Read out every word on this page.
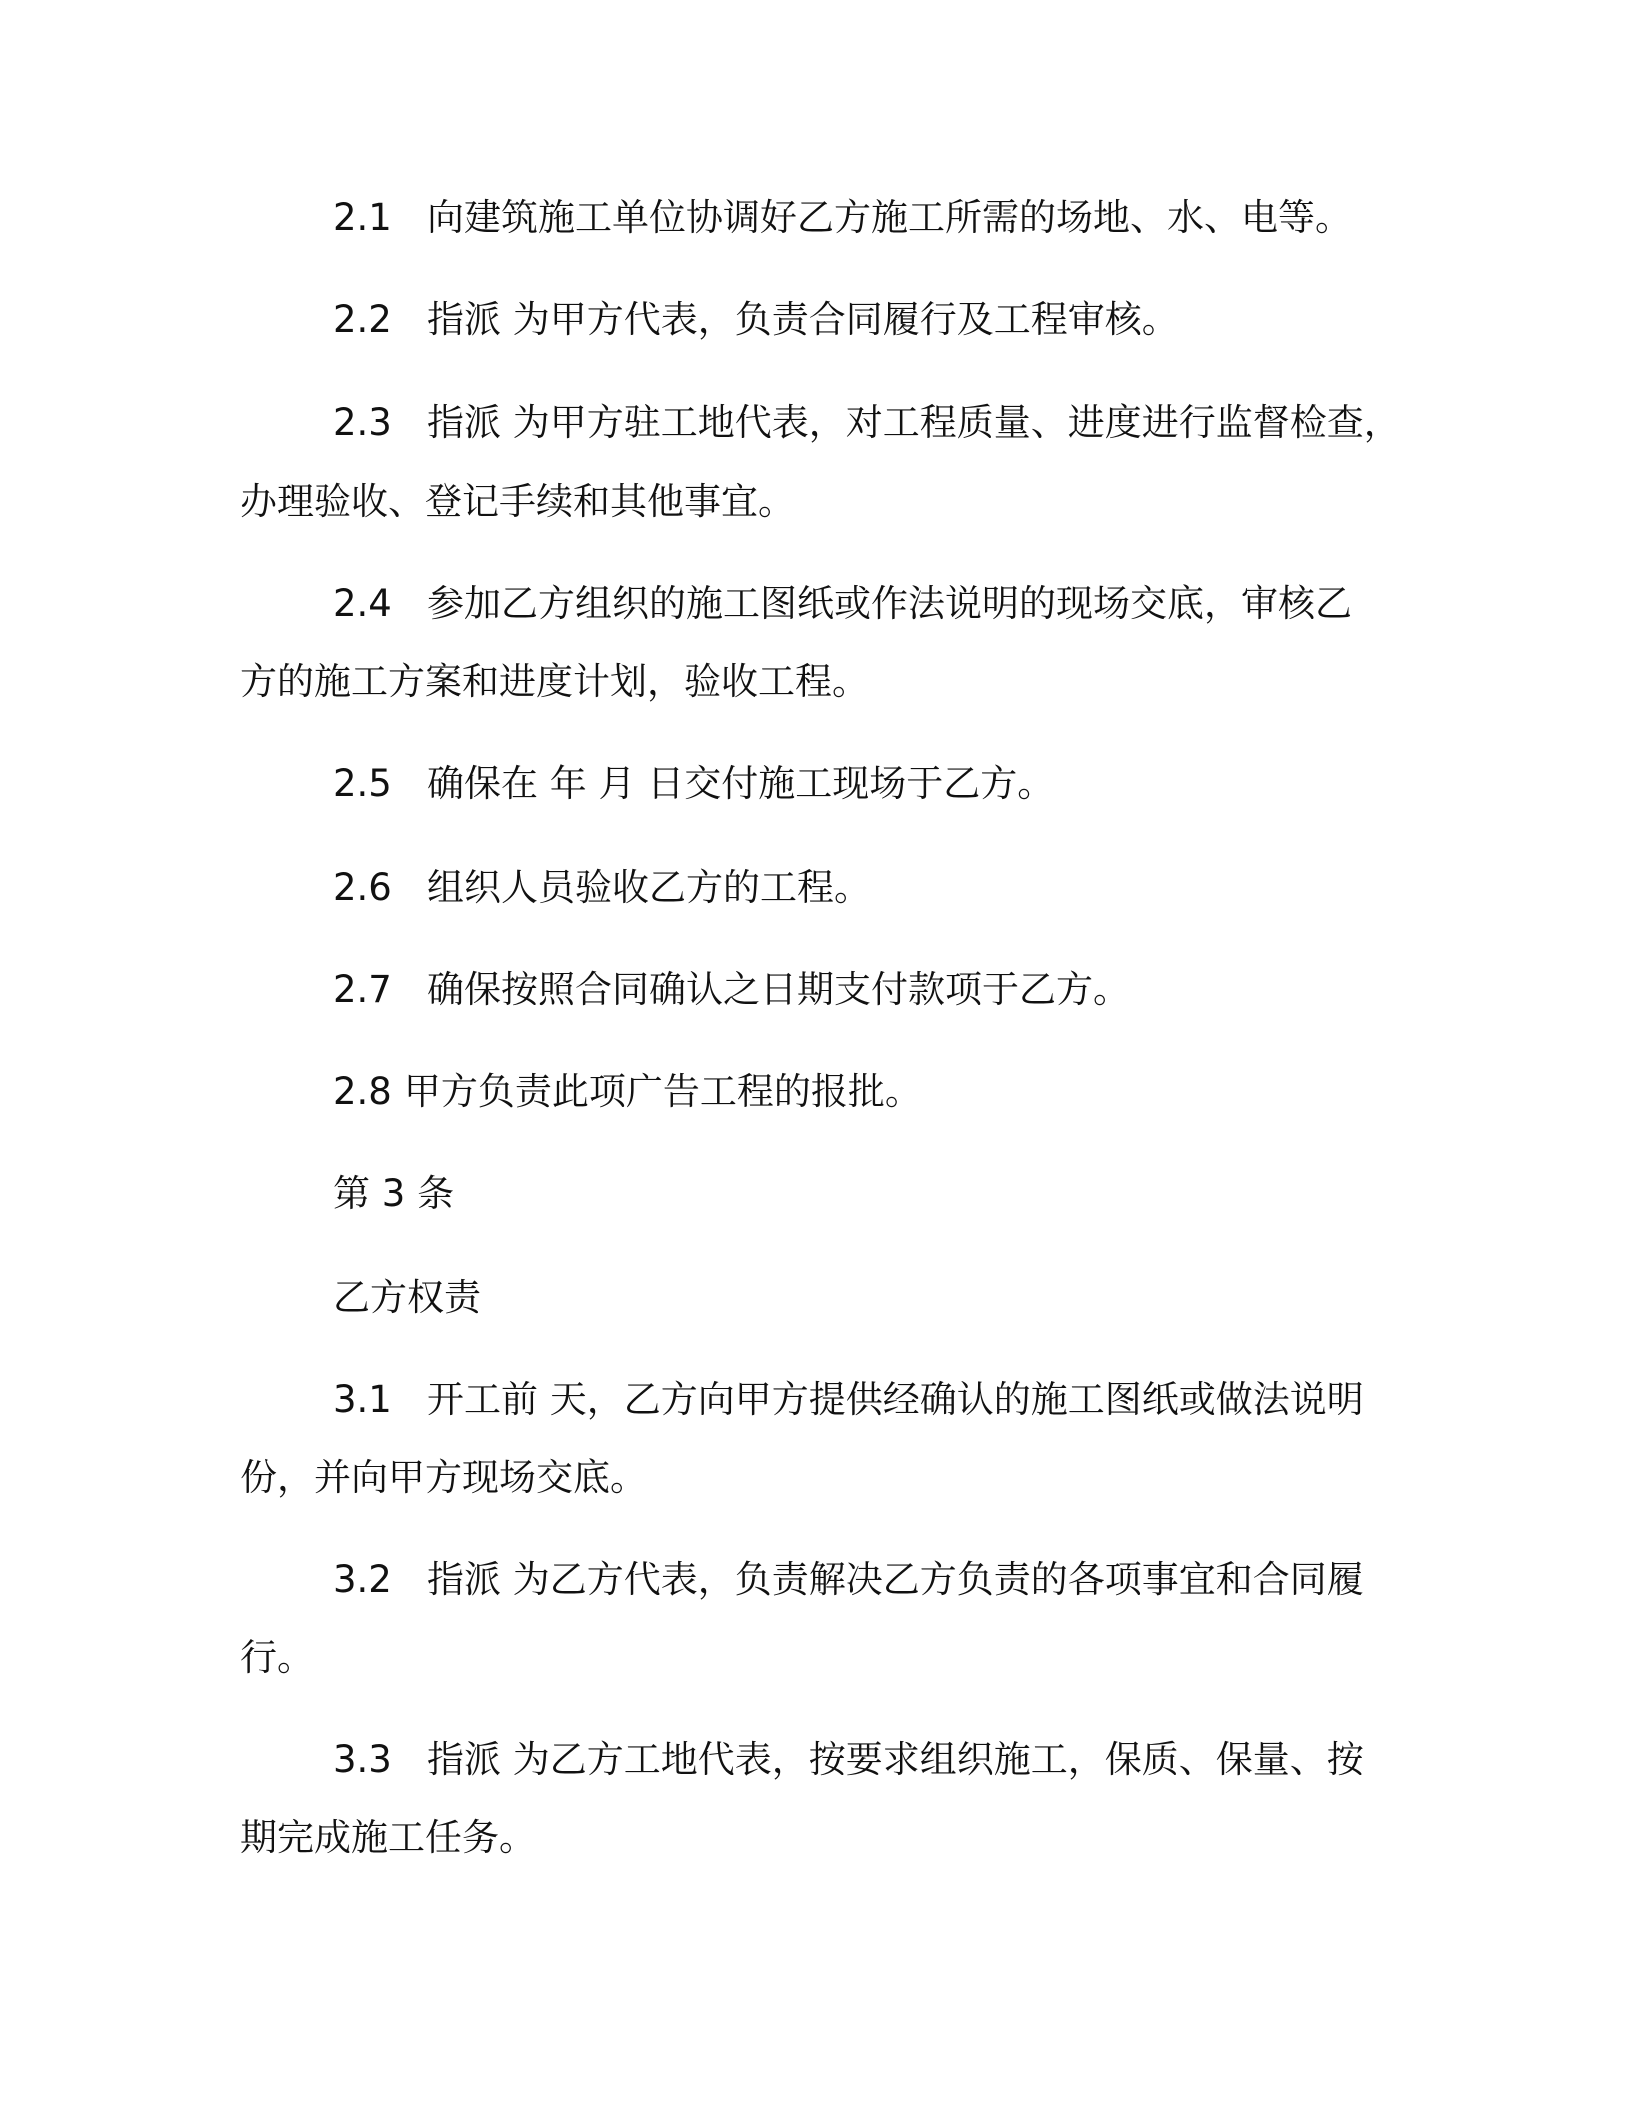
2.1 向建筑施工单位协调好乙方施工所需的场地、水、电等。
2.2 指派 为甲方代表，负责合同履行及工程审核。
2.3 指派 为甲方驻工地代表，对工程质量、进度进行监督检查，
办理验收、登记手续和其他事宜。
2.4 参加乙方组织的施工图纸或作法说明的现场交底，审核乙
方的施工方案和进度计划，验收工程。
2.5 确保在 年 月 日交付施工现场于乙方。
2.6 组织人员验收乙方的工程。
2.7 确保按照合同确认之日期支付款项于乙方。
2.8 甲方负责此项广告工程的报批。
第 3 条
乙方权责
3.1 开工前 天，乙方向甲方提供经确认的施工图纸或做法说明
份，并向甲方现场交底。
3.2 指派 为乙方代表，负责解决乙方负责的各项事宜和合同履
行。
3.3 指派 为乙方工地代表，按要求组织施工，保质、保量、按
期完成施工任务。
